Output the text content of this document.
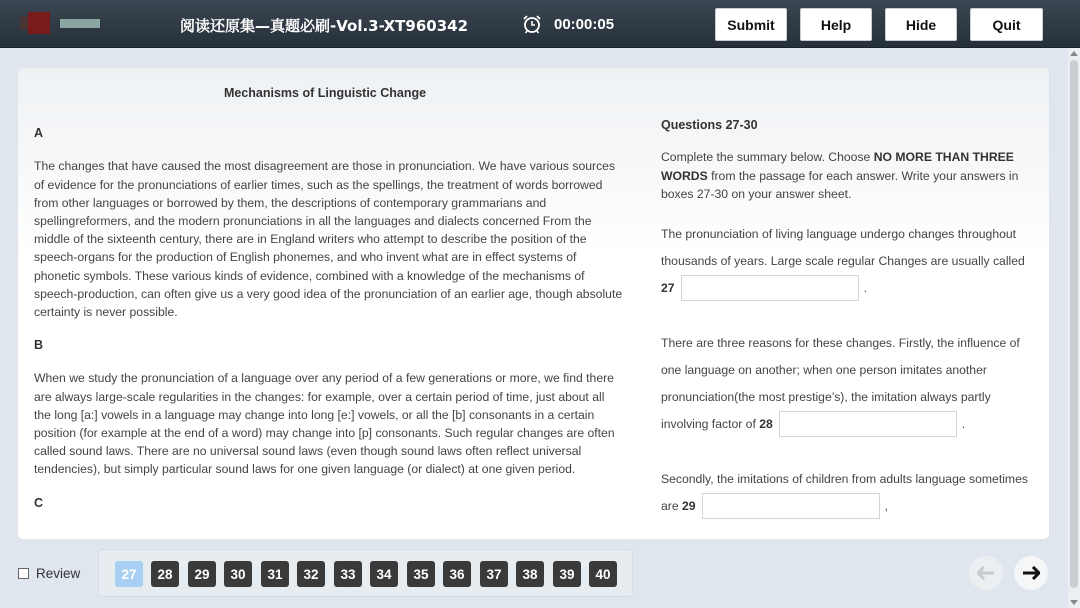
阅读还原集—真题必刷-Vol.3-XT960342	00:00:05	Submit	Help	Hide	Quit
Mechanisms of Linguistic Change
A

The changes that have caused the most disagreement are those in pronunciation. We have various sources of evidence for the pronunciations of earlier times, such as the spellings, the treatment of words borrowed from other languages or borrowed by them, the descriptions of contemporary grammarians and spellingreformers, and the modern pronunciations in all the languages and dialects concerned From the middle of the sixteenth century, there are in England writers who attempt to describe the position of the speech-organs for the production of English phonemes, and who invent what are in effect systems of phonetic symbols. These various kinds of evidence, combined with a knowledge of the mechanisms of speech-production, can often give us a very good idea of the pronunciation of an earlier age, though absolute certainty is never possible.

B

When we study the pronunciation of a language over any period of a few generations or more, we find there are always large-scale regularities in the changes: for example, over a certain period of time, just about all the long [a:] vowels in a language may change into long [e:] vowels, or all the [b] consonants in a certain position (for example at the end of a word) may change into [p] consonants. Such regular changes are often called sound laws. There are no universal sound laws (even though sound laws often reflect universal tendencies), but simply particular sound laws for one given language (or dialect) at one given period.

C
Questions 27-30
Complete the summary below. Choose NO MORE THAN THREE WORDS from the passage for each answer. Write your answers in boxes 27-30 on your answer sheet.
The pronunciation of living language undergo changes throughout thousands of years. Large scale regular Changes are usually called
27	.
There are three reasons for these changes. Firstly, the influence of one language on another; when one person imitates another pronunciation(the most prestige’s), the imitation always partly involving factor of 28	.
Secondly, the imitations of children from adults language sometimes are 29	,
Review	27	28	29	30	31	32	33	34	35	36	37	38	39	40
